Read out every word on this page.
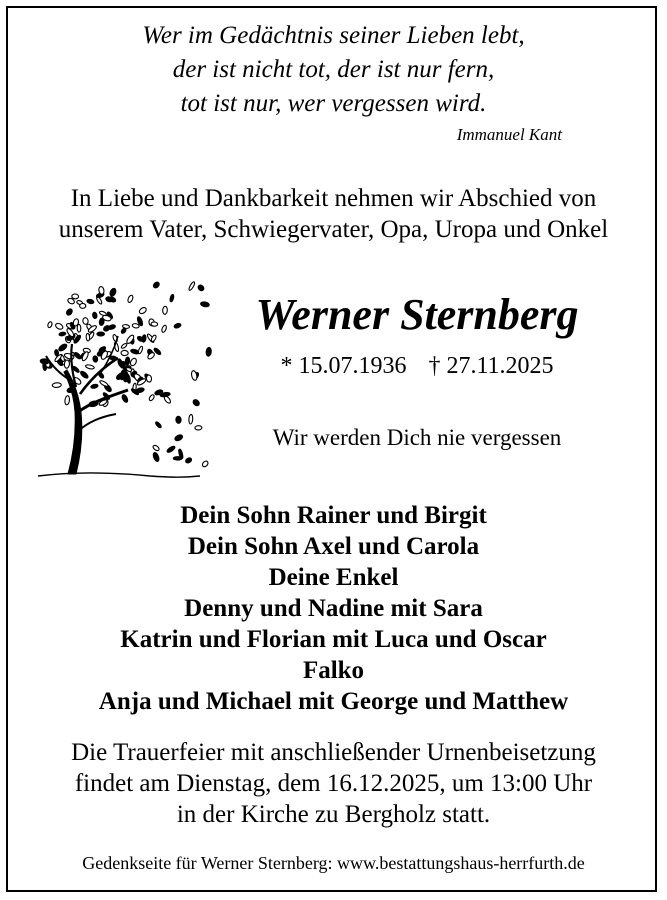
Wer im Gedächtnis seiner Lieben lebt,
der ist nicht tot, der ist nur fern,
tot ist nur, wer vergessen wird.
Immanuel Kant
In Liebe und Dankbarkeit nehmen wir Abschied von
unserem Vater, Schwiegervater, Opa, Uropa und Onkel
Werner Sternberg
* 15.07.1936 † 27.11.2025
Wir werden Dich nie vergessen
Dein Sohn Rainer und Birgit
Dein Sohn Axel und Carola
Deine Enkel
Denny und Nadine mit Sara
Katrin und Florian mit Luca und Oscar
Falko
Anja und Michael mit George und Matthew
Die Trauerfeier mit anschließender Urnenbeisetzung
findet am Dienstag, dem 16.12.2025, um 13:00 Uhr
in der Kirche zu Bergholz statt.
Gedenkseite für Werner Sternberg: www.bestattungshaus-herrfurth.de
